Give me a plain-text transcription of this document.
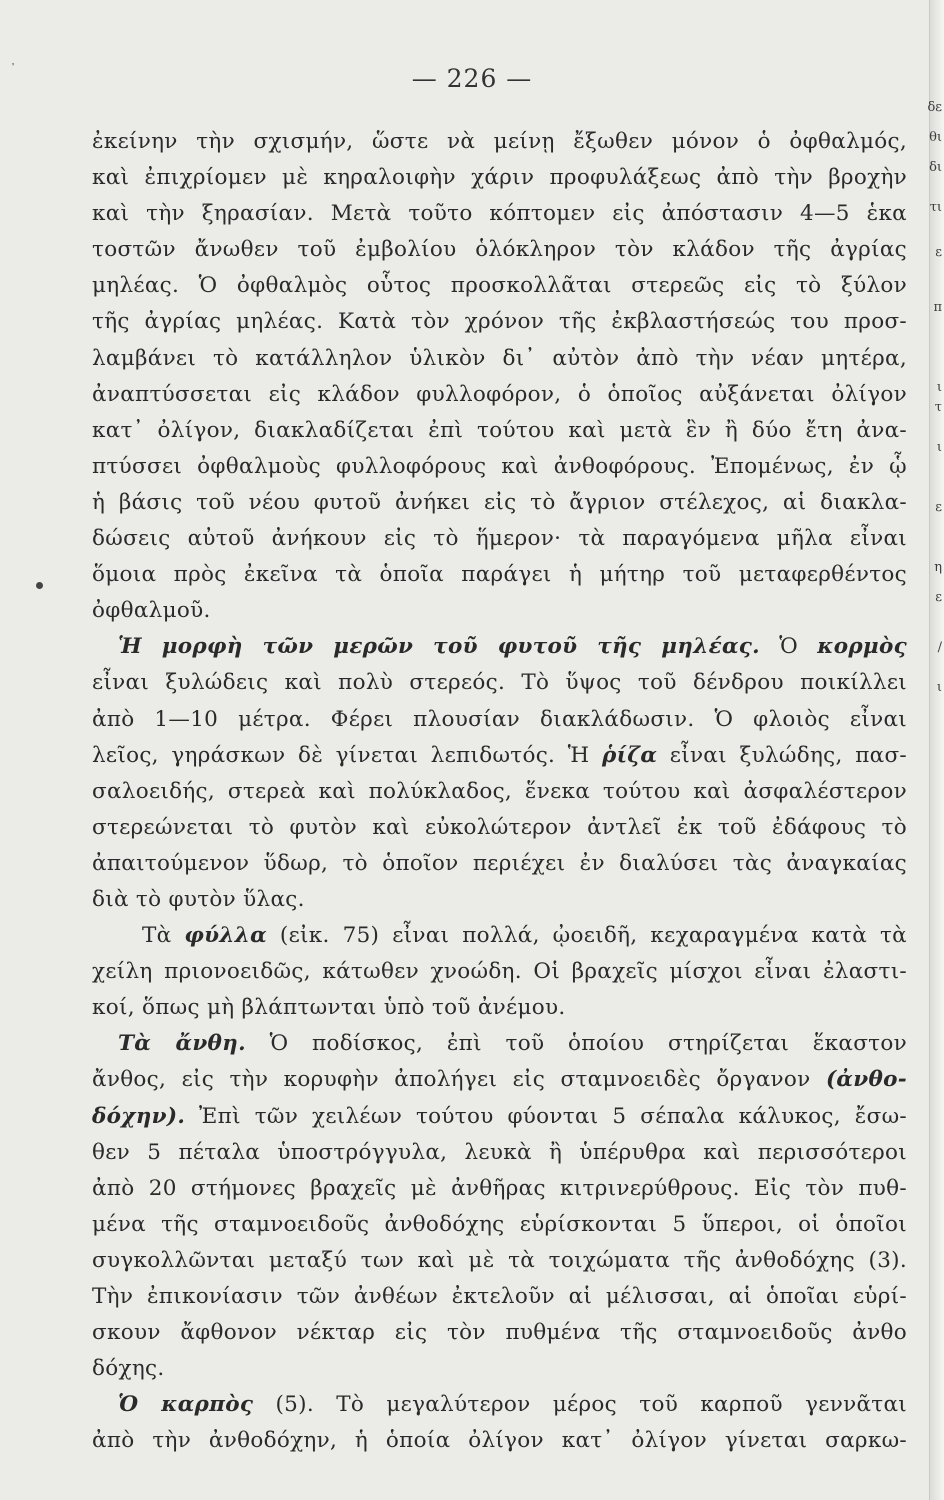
᾽	— 226 —
ἐκείνην τὴν σχισμήν, ὥστε νὰ μείνῃ ἔξωθεν μόνον ὁ ὀφθαλμός,
καὶ ἐπιχρίομεν μὲ κηραλοιφὴν χάριν προφυλάξεως ἀπὸ τὴν βροχὴν
καὶ τὴν ξηρασίαν. Μετὰ τοῦτο κόπτομεν εἰς ἀπόστασιν 4—5 ἑκα
τοστῶν ἄνωθεν τοῦ ἐμβολίου ὁλόκληρον τὸν κλάδον τῆς ἀγρίας
μηλέας. Ὁ ὀφθαλμὸς οὗτος προσκολλᾶται στερεῶς εἰς τὸ ξύλον
τῆς ἀγρίας μηλέας. Κατὰ τὸν χρόνον τῆς ἐκβλαστήσεώς του προσ-
λαμβάνει τὸ κατάλληλον ὑλικὸν δι᾽ αὐτὸν ἀπὸ τὴν νέαν μητέρα,
ἀναπτύσσεται εἰς κλάδον φυλλοφόρον, ὁ ὁποῖος αὐξάνεται ὀλίγον
κατ᾽ ὀλίγον, διακλαδίζεται ἐπὶ τούτου καὶ μετὰ ἓν ἢ δύο ἔτη ἀνα-
πτύσσει ὀφθαλμοὺς φυλλοφόρους καὶ ἀνθοφόρους. Ἐπομένως, ἐν ᾧ
ἡ βάσις τοῦ νέου φυτοῦ ἀνήκει εἰς τὸ ἄγριον στέλεχος, αἱ διακλα-
δώσεις αὐτοῦ ἀνήκουν εἰς τὸ ἥμερον· τὰ παραγόμενα μῆλα εἶναι
ὅμοια πρὸς ἐκεῖνα τὰ ὁποῖα παράγει ἡ μήτηρ τοῦ μεταφερθέντος
ὀφθαλμοῦ.
Ἡ μορφὴ τῶν μερῶν τοῦ φυτοῦ τῆς μηλέας. Ὁ κορμὸς
εἶναι ξυλώδεις καὶ πολὺ στερεός. Τὸ ὕψος τοῦ δένδρου ποικίλλει
ἀπὸ 1—10 μέτρα. Φέρει πλουσίαν διακλάδωσιν. Ὁ φλοιὸς εἶναι
λεῖος, γηράσκων δὲ γίνεται λεπιδωτός. Ἡ ῥίζα εἶναι ξυλώδης, πασ-
σαλοειδής, στερεὰ καὶ πολύκλαδος, ἕνεκα τούτου καὶ ἀσφαλέστερον
στερεώνεται τὸ φυτὸν καὶ εὐκολώτερον ἀντλεῖ ἐκ τοῦ ἐδάφους τὸ
ἀπαιτούμενον ὕδωρ, τὸ ὁποῖον περιέχει ἐν διαλύσει τὰς ἀναγκαίας
διὰ τὸ φυτὸν ὕλας.
Τὰ φύλλα (εἰκ. 75) εἶναι πολλά, ᾠοειδῆ, κεχαραγμένα κατὰ τὰ
χείλη πριονοειδῶς, κάτωθεν χνοώδη. Οἱ βραχεῖς μίσχοι εἶναι ἐλαστι-
κοί, ὅπως μὴ βλάπτωνται ὑπὸ τοῦ ἀνέμου.
Τὰ ἄνθη. Ὁ ποδίσκος, ἐπὶ τοῦ ὁποίου στηρίζεται ἕκαστον
ἄνθος, εἰς τὴν κορυφὴν ἀπολήγει εἰς σταμνοειδὲς ὄργανον (ἀνθο-
δόχην). Ἐπὶ τῶν χειλέων τούτου φύονται 5 σέπαλα κάλυκος, ἔσω-
θεν 5 πέταλα ὑποστρόγγυλα, λευκὰ ἢ ὑπέρυθρα καὶ περισσότεροι
ἀπὸ 20 στήμονες βραχεῖς μὲ ἀνθῆρας κιτρινερύθρους. Εἰς τὸν πυθ-
μένα τῆς σταμνοειδοῦς ἀνθοδόχης εὑρίσκονται 5 ὕπεροι, οἱ ὁποῖοι
συγκολλῶνται μεταξύ των καὶ μὲ τὰ τοιχώματα τῆς ἀνθοδόχης (3).
Τὴν ἐπικονίασιν τῶν ἀνθέων ἐκτελοῦν αἱ μέλισσαι, αἱ ὁποῖαι εὑρί-
σκουν ἄφθονον νέκταρ εἰς τὸν πυθμένα τῆς σταμνοειδοῦς ἀνθο
δόχης.
Ὁ καρπὸς (5). Τὸ μεγαλύτερον μέρος τοῦ καρποῦ γεννᾶται
ἀπὸ τὴν ἀνθοδόχην, ἡ ὁποία ὀλίγον κατ᾽ ὀλίγον γίνεται σαρκω-
δε
θι
δι
τι
ε
π
ι
τ
ι
ε
η
ε
/
ι
